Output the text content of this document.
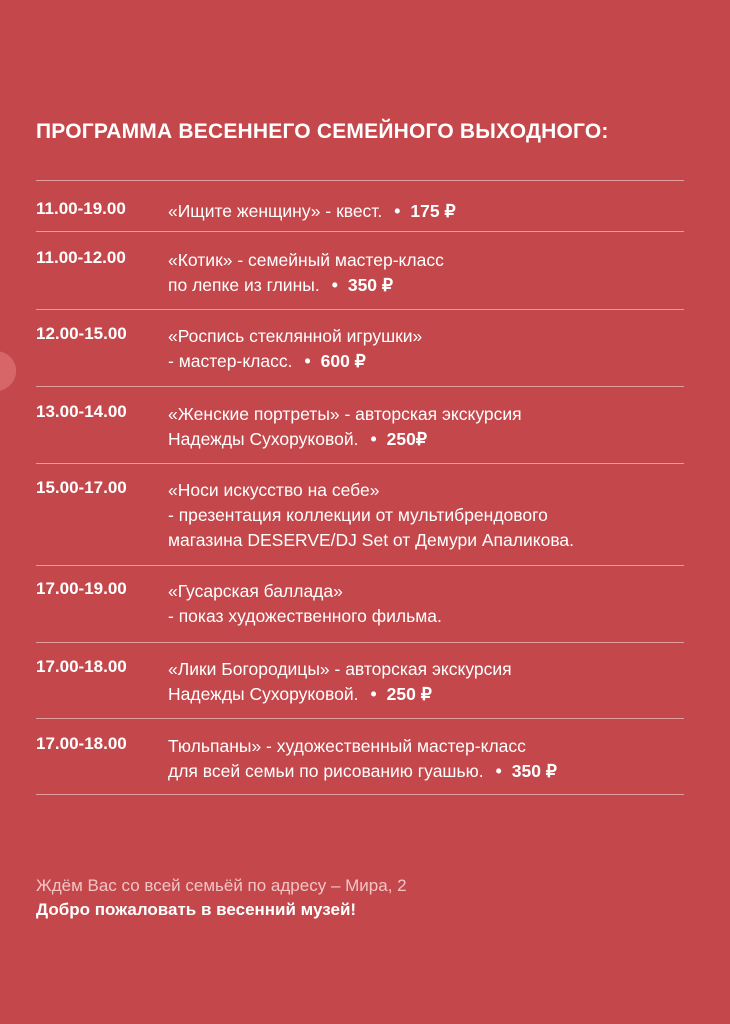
ПРОГРАММА ВЕСЕННЕГО СЕМЕЙНОГО ВЫХОДНОГО:
11.00-19.00 «Ищите женщину» - квест. • 175 ₽
11.00-12.00 «Котик» - семейный мастер-класс
по лепке из глины. • 350 ₽
12.00-15.00 «Роспись стеклянной игрушки»
- мастер-класс. • 600 ₽
13.00-14.00 «Женские портреты» - авторская экскурсия
Надежды Сухоруковой. • 250₽
15.00-17.00 «Носи искусство на себе»
- презентация коллекции от мультибрендового
магазина DESERVE/DJ Set от Демури Апаликова.
17.00-19.00 «Гусарская баллада»
- показ художественного фильма.
17.00-18.00 «Лики Богородицы» - авторская экскурсия
Надежды Сухоруковой. • 250 ₽
17.00-18.00 Тюльпаны» - художественный мастер-класс
для всей семьи по рисованию гуашью. • 350 ₽
Ждём Вас со всей семьёй по адресу – Мира, 2
Добро пожаловать в весенний музей!
